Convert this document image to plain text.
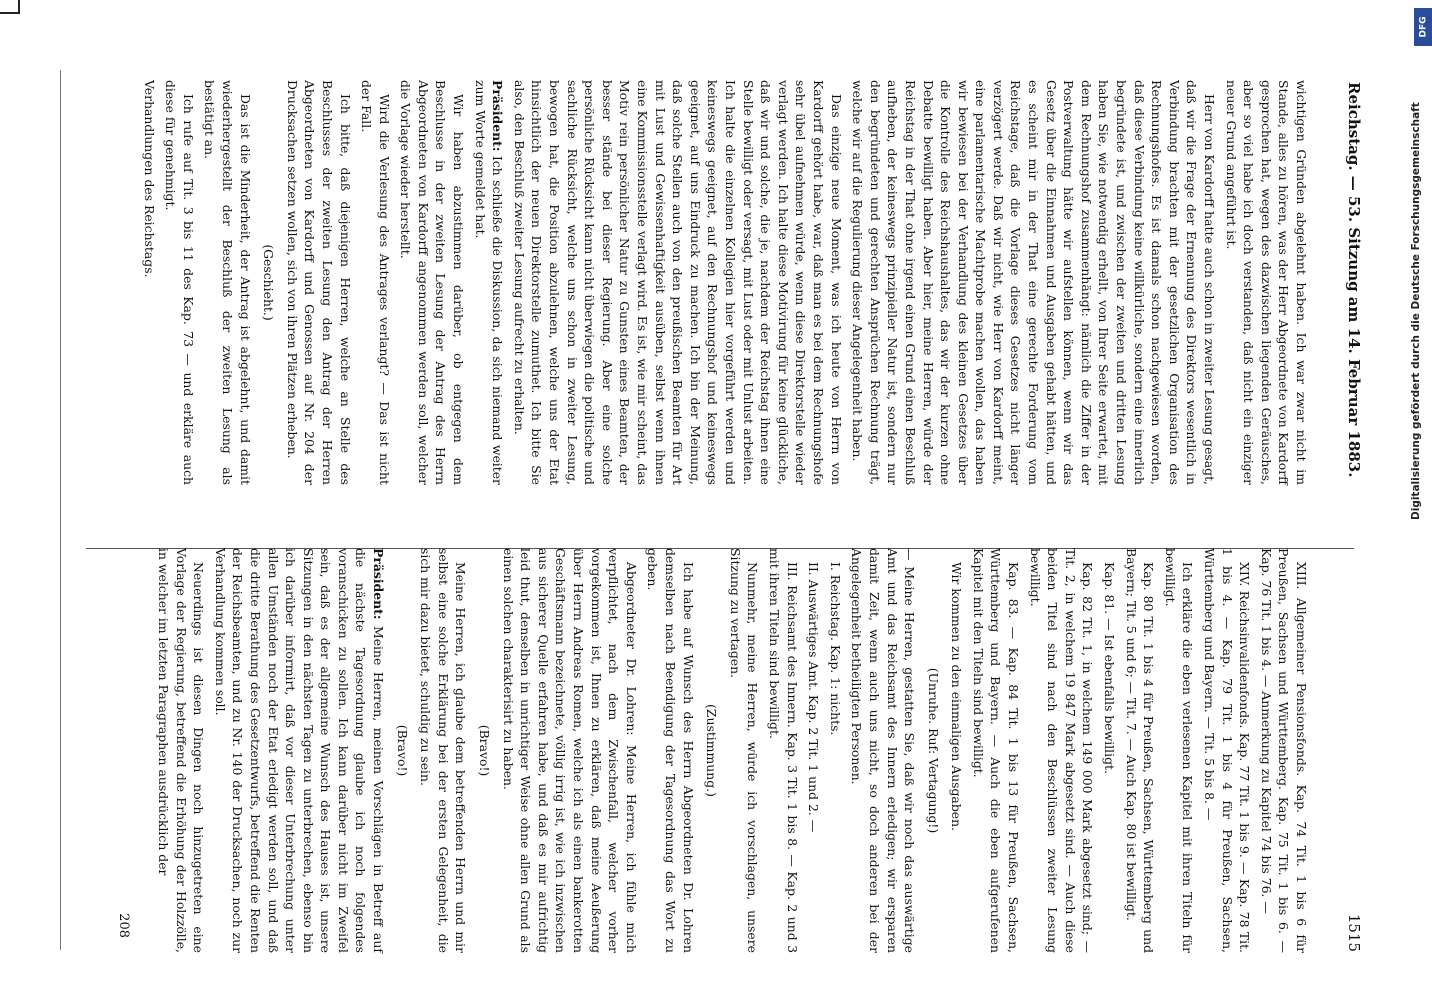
Reichstag. — 53. Sitzung am 14. Februar 1883.
1515

wichtigen Gründen abgelehnt haben. Ich war zwar nicht im Stande, alles zu hören, was der Herr Abgeordnete von Kardorff gesprochen hat, wegen des dazwischen liegenden Geräusches, aber so viel habe ich doch verstanden, daß nicht ein einziger neuer Grund angeführt ist.

Herr von Kardorff hatte auch schon in zweiter Lesung gesagt, daß wir die Frage der Ernennung des Direktors wesentlich in Verbindung brachten mit der gesetzlichen Organisation des Rechnungshofes. Es ist damals schon nachgewiesen worden, daß diese Verbindung keine willkürliche, sondern eine innerlich begründete ist, und zwischen der zweiten und dritten Lesung haben Sie, wie notwendig erhellt, von Ihrer Seite erwartet, mit dem Rechnungshof zusammenhängt: nämlich die Ziffer in der Postverwaltung hätte wir aufstellen können, wenn wir das Gesetz über die Einnahmen und Ausgaben gehabt hätten, und es scheint mir in der That eine gerechte Forderung vom Reichstage, daß die Vorlage dieses Gesetzes nicht länger verzögert werde. Daß wir nicht, wie Herr von Kardorff meint, eine parlamentarische Machtprobe machen wollen, das haben wir bewiesen bei der Verhandlung des kleinen Gesetzes über die Kontrolle des Reichshaushaltes, das wir der kurzen ohne Debatte bewilligt haben. Aber hier, meine Herren, würde der Reichstag in der That ohne irgend einen Grund einen Beschluß aufheben, der keineswegs prinzipieller Natur ist, sondern nur den begründeten und gerechten Ansprüchen Rechnung trägt, welche wir auf die Regulierung dieser Angelegenheit haben.

Das einzige neue Moment, was ich heute von Herrn von Kardorff gehört habe, war, daß man es bei dem Rechnungshofe sehr übel aufnehmen würde, wenn diese Direktorstelle wieder verlagt werden. Ich halte diese Motivirung für keine glückliche, daß wir und solche, die je, nachdem der Reichstag ihnen eine Stelle bewilligt oder versagt, mit Lust oder mit Unlust arbeiten. Ich halte die einzelnen Kollegien hier vorgeführt werden und keineswegs geeignet, auf den Rechnungshof und keineswegs geeignet, auf uns Eindruck zu machen. Ich bin der Meinung, daß solche Stellen auch von den preußischen Beamten für Art mit Lust und Gewissenhaftigkeit ausüben, selbst wenn ihnen eine Kommissionsstelle verlagt wird. Es ist, wie mir scheint, das Motiv rein persönlicher Natur zu Gunsten eines Beamten, der besser stände bei dieser Regierung. Aber eine solche persönliche Rücksicht kann nicht überwiegen die politische und sachliche Rücksicht, welche uns schon in zweiter Lesung, bewogen hat, die Position abzulehnen, welche uns der Etat hinsichtlich der neuen Direktorstelle zumuthet. Ich bitte Sie also, den Beschluß zweiter Lesung aufrecht zu erhalten.

Präsident: Ich schließe die Diskussion, da sich niemand weiter zum Worte gemeldet hat.

Wir haben abzustimmen darüber, ob entgegen dem Beschlusse in der zweiten Lesung der Antrag des Herrn Abgeordneten von Kardorff angenommen werden soll, welcher die Vorlage wieder herstellt.

Wird die Verlesung des Antrages verlangt? — Das ist nicht der Fall.

Ich bitte, daß diejenigen Herren, welche an Stelle des Beschlusses der zweiten Lesung den Antrag der Herren Abgeordneten von Kardorff und Genossen auf Nr. 204 der Drucksachen setzen wollen, sich von ihren Plätzen erheben.

(Geschieht.)

Das ist die Minderheit, der Antrag ist abgelehnt, und damit wiederhergestellt der Beschluß der zweiten Lesung als bestätigt an.

Ich rufe auf Tit. 3 bis 11 des Kap. 73 — und erkläre auch diese für genehmigt.

Verhandlungen des Reichstags.

XIII. Allgemeiner Pensionsfonds. Kap. 74 Tit. 1 bis 6 für Preußen, Sachsen und Württemberg. Kap. 75 Tit. 1 bis 6. — Kap. 76 Tit. 1 bis 4. — Anmerkung zu Kapitel 74 bis 76. —

XIV. Reichsinvalidenfonds. Kap. 77 Tit. 1 bis 9. — Kap. 78 Tit. 1 bis 4. — Kap. 79 Tit. 1 bis 4 für Preußen, Sachsen, Württemberg und Bayern. — Tit. 5 bis 8. —

Ich erkläre die eben verlesenen Kapitel mit ihren Titeln für bewilligt.

Kap. 80 Tit. 1 bis 4 für Preußen, Sachsen, Württemberg und Bayern; Tit. 5 und 6; — Tit. 7. — Auch Kap. 80 ist bewilligt.

Kap. 81. — Ist ebenfalls bewilligt.

Kap. 82 Tit. 1, in welchem 149 000 Mark abgesetzt sind; — Tit. 2, in welchem 19 847 Mark abgesetzt sind. — Auch diese beiden Titel sind nach den Beschlüssen zweiter Lesung bewilligt.

Kap. 83. — Kap. 84 Tit. 1 bis 13 für Preußen, Sachsen, Württemberg und Bayern. — Auch die eben aufgerufenen Kapitel mit den Titeln sind bewilligt.

Wir kommen zu den einmaligen Ausgaben.

(Unruhe. Ruf: Vertagung!)

— Meine Herren, gestatten Sie, daß wir noch das auswärtige Amt und das Reichsamt des Innern erledigen; wir ersparen damit Zeit, wenn auch uns nicht, so doch anderen bei der Angelegenheit betheiligten Personen.

I. Reichstag. Kap. 1: nichts.

II. Auswärtiges Amt. Kap. 2 Tit. 1 und 2. —

III. Reichsamt des Innern. Kap. 3 Tit. 1 bis 8. — Kap. 2 und 3 mit ihren Titeln sind bewilligt.

Nunmehr, meine Herren, würde ich vorschlagen, unsere Sitzung zu vertagen.

(Zustimmung.)

Ich habe auf Wunsch des Herrn Abgeordneten Dr. Lohren demselben nach Beendigung der Tagesordnung das Wort zu geben.

Abgeordneter Dr. Lohren: Meine Herren, ich fühle mich verpflichtet, nach dem Zwischenfall, welcher vorher vorgekommen ist, Ihnen zu erklären, daß meine Aeußerung über Herrn Andreas Romen, welche ich als einen bankerotten Geschäftsmann bezeichnete, völlig irrig ist, wie ich inzwischen aus sicherer Quelle erfahren habe, und daß es mir aufrichtig leid thut, denselben in unrichtiger Weise ohne allen Grund als einen solchen charakterisirt zu haben.

(Bravo!)

Meine Herren, ich glaube dem betreffenden Herrn und mir selbst eine solche Erklärung bei der ersten Gelegenheit, die sich mir dazu bietet, schuldig zu sein.

(Bravo!)

Präsident: Meine Herren, meinen Vorschlägen in Betreff auf die nächste Tagesordnung glaube ich noch folgendes voranschicken zu sollen. Ich kann darüber nicht im Zweifel sein, daß es der allgemeine Wunsch des Hauses ist, unsere Sitzungen in den nächsten Tagen zu unterbrechen, ebenso bin ich darüber informirt, daß vor dieser Unterbrechung unter allen Umständen noch der Etat erledigt werden soll, und daß die dritte Berathung des Gesetzentwurfs, betreffend die Renten der Reichsbeamten, und zu Nr. 140 der Drucksachen, noch zur Verhandlung kommen soll.

Neuerdings ist diesen Dingen noch hinzugetreten eine Vorlage der Regierung, betreffend die Erhöhung der Holzzölle, in welcher im letzten Paragraphen ausdrücklich der

208
Digitalisierung gefördert durch die Deutsche Forschungsgemeinschaft
DFG
